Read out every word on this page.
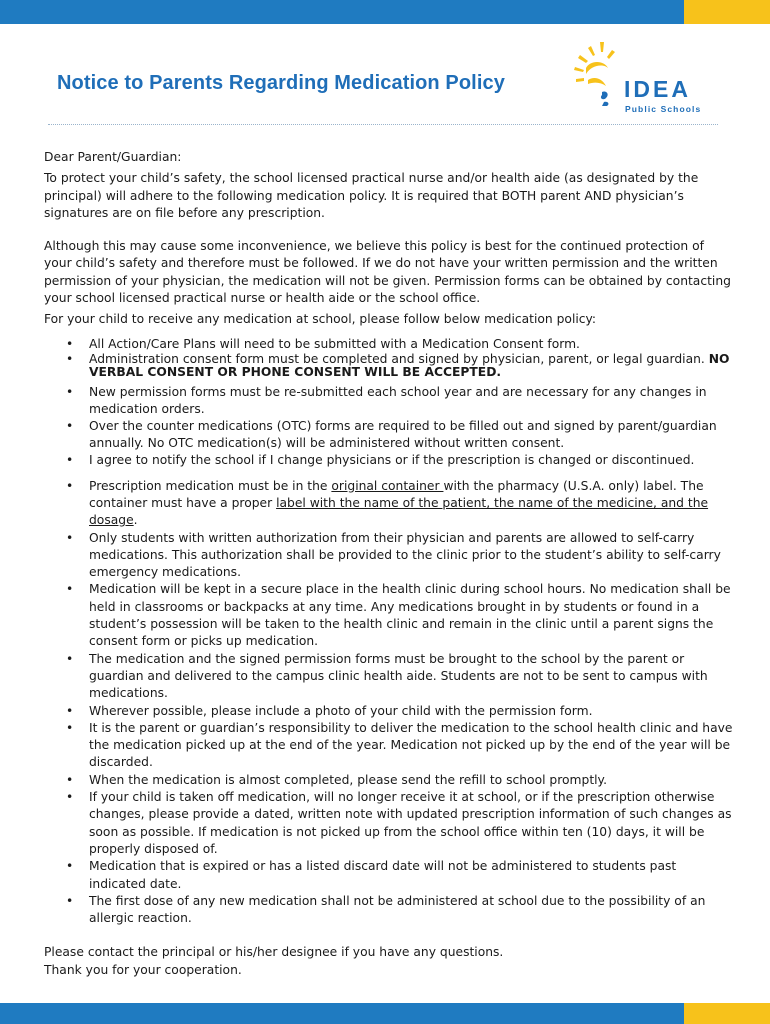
Notice to Parents Regarding Medication Policy	IDEA
Public Schools

Dear Parent/Guardian:

To protect your child’s safety, the school licensed practical nurse and/or health aide (as designated by the principal) will adhere to the following medication policy. It is required that BOTH parent AND physician’s signatures are on file before any prescription.

Although this may cause some inconvenience, we believe this policy is best for the continued protection of your child’s safety and therefore must be followed. If we do not have your written permission and the written permission of your physician, the medication will not be given. Permission forms can be obtained by contacting your school licensed practical nurse or health aide or the school office.

For your child to receive any medication at school, please follow below medication policy:

• All Action/Care Plans will need to be submitted with a Medication Consent form.
• Administration consent form must be completed and signed by physician, parent, or legal guardian. NO VERBAL CONSENT OR PHONE CONSENT WILL BE ACCEPTED.
• New permission forms must be re-submitted each school year and are necessary for any changes in medication orders.
• Over the counter medications (OTC) forms are required to be filled out and signed by parent/guardian annually. No OTC medication(s) will be administered without written consent.
• I agree to notify the school if I change physicians or if the prescription is changed or discontinued.
• Prescription medication must be in the original container with the pharmacy (U.S.A. only) label. The container must have a proper label with the name of the patient, the name of the medicine, and the dosage.
• Only students with written authorization from their physician and parents are allowed to self-carry medications. This authorization shall be provided to the clinic prior to the student’s ability to self-carry emergency medications.
• Medication will be kept in a secure place in the health clinic during school hours. No medication shall be held in classrooms or backpacks at any time. Any medications brought in by students or found in a student’s possession will be taken to the health clinic and remain in the clinic until a parent signs the consent form or picks up medication.
• The medication and the signed permission forms must be brought to the school by the parent or guardian and delivered to the campus clinic health aide. Students are not to be sent to campus with medications.
• Wherever possible, please include a photo of your child with the permission form.
• It is the parent or guardian’s responsibility to deliver the medication to the school health clinic and have the medication picked up at the end of the year. Medication not picked up by the end of the year will be discarded.
• When the medication is almost completed, please send the refill to school promptly.
• If your child is taken off medication, will no longer receive it at school, or if the prescription otherwise changes, please provide a dated, written note with updated prescription information of such changes as soon as possible. If medication is not picked up from the school office within ten (10) days, it will be properly disposed of.
• Medication that is expired or has a listed discard date will not be administered to students past indicated date.
• The first dose of any new medication shall not be administered at school due to the possibility of an allergic reaction.

Please contact the principal or his/her designee if you have any questions.

Thank you for your cooperation.
